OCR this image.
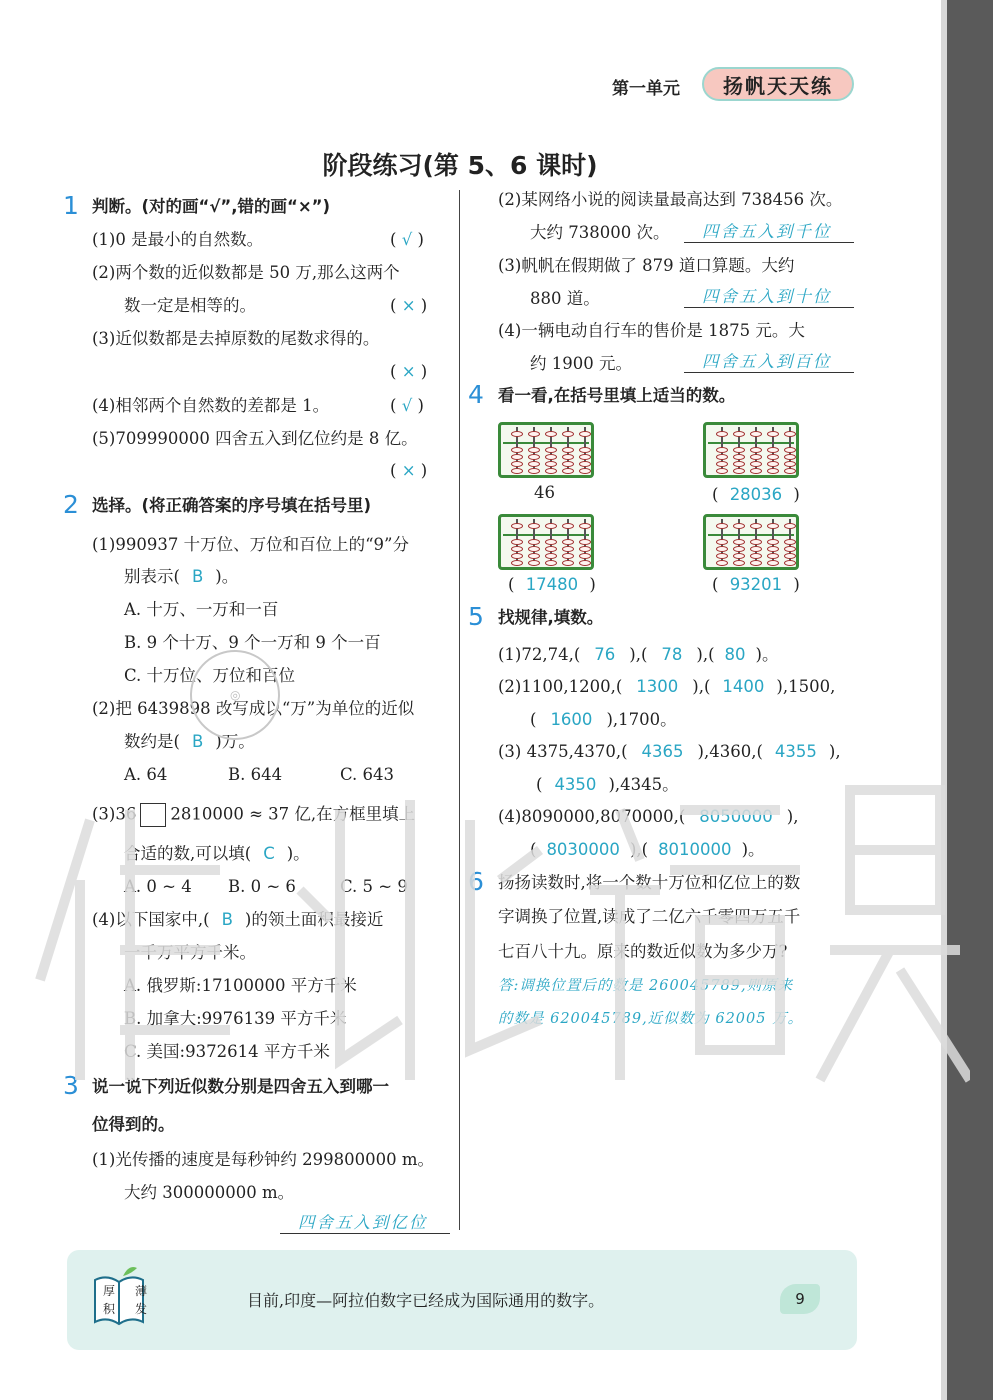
第一单元	扬帆天天练
阶段练习(第 5、6 课时)
1 判断。(对的画“√”,错的画“×”)
(1)0 是最小的自然数。	( √ )
(2)两个数的近似数都是 50 万,那么这两个
数一定是相等的。	( × )
(3)近似数都是去掉原数的尾数求得的。
( × )
(4)相邻两个自然数的差都是 1。	( √ )
(5)709990000 四舍五入到亿位约是 8 亿。
( × )
2 选择。(将正确答案的序号填在括号里)
(1)990937 十万位、万位和百位上的“9”分
别表示( B )。
A. 十万、一万和一百
B. 9 个十万、9 个一万和 9 个一百
C. 十万位、万位和百位
(2)把 6439898 改写成以“万”为单位的近似
数约是( B )万。
A. 64	B. 644	C. 643
(3)36 2810000 ≈ 37 亿,在方框里填上
合适的数,可以填( C )。
A. 0 ~ 4 B. 0 ~ 6	C. 5 ~ 9
(4)以下国家中,( B )的领土面积最接近
一千万平方千米。
A. 俄罗斯:17100000 平方千米
B. 加拿大:9976139 平方千米
C. 美国:9372614 平方千米
3 说一说下列近似数分别是四舍五入到哪一
位得到的。
(1)光传播的速度是每秒钟约 299800000 m。
大约 300000000 m。
四舍五入到亿位
(2)某网络小说的阅读量最高达到 738456 次。
大约 738000 次。 四舍五入到千位
(3)帆帆在假期做了 879 道口算题。大约
880 道。	四舍五入到十位
(4)一辆电动自行车的售价是 1875 元。大
约 1900 元。	四舍五入到百位
4 看一看,在括号里填上适当的数。
46	( 28036 )
( 17480 )	( 93201 )
5 找规律,填数。
(1)72,74,( 76 ),( 78 ),( 80 )。
(2)1100,1200,( 1300 ),( 1400 ),1500,
( 1600 ),1700。
(3) 4375,4370,( 4365 ),4360,( 4355 ),
( 4350 ),4345。
(4)8090000,8070000,( 8050000 ),
( 8030000 ),( 8010000 )。
6 扬扬读数时,将一个数十万位和亿位上的数
字调换了位置,读成了二亿六千零四万五千
七百八十九。原来的数近似数为多少万?
答:调换位置后的数是 260045789,则原来
的数是 620045789,近似数为 62005 万。
◎
厚
积
薄
发	目前,印度—阿拉伯数字已经成为国际通用的数字。	9
